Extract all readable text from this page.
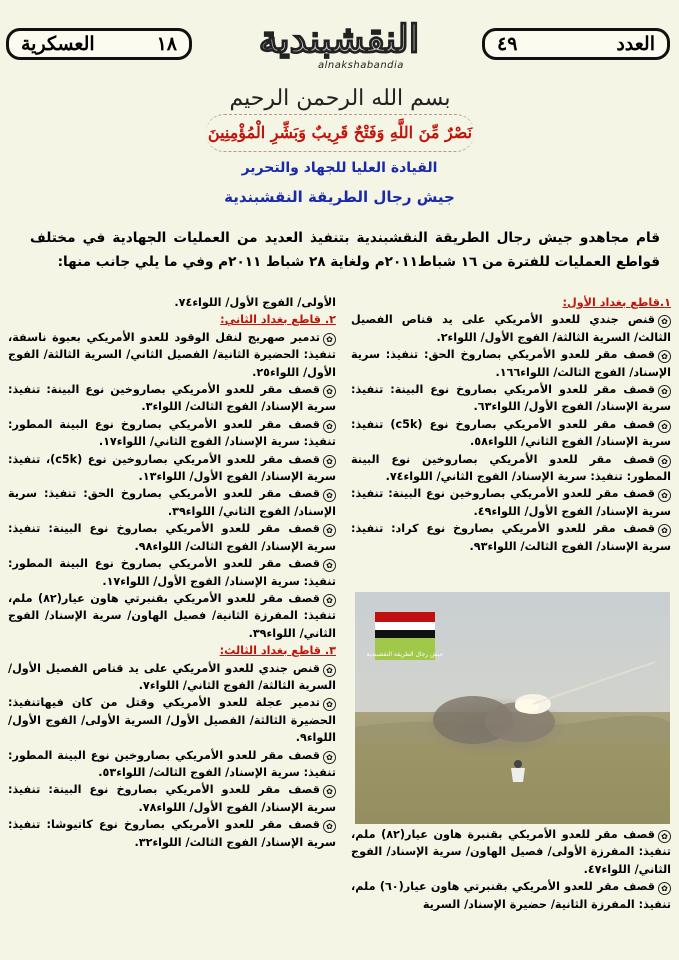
العسكرية	١٨	النقشبندية
alnakshabandia
٤٩	العدد
بسم الله الرحمن الرحيم
نَصْرٌ مِّنَ اللَّهِ وَفَتْحٌ قَرِيبٌ وَبَشِّرِ الْمُؤْمِنِينَ
القيادة العليا للجهاد والتحرير
جيش رجال الطريقة النقشبندية
قام مجاهدو جيش رجال الطريقة النقشبندية بتنفيذ العديد من العمليات الجهادية في مختلف قواطع العمليات للفترة من ١٦ شباط٢٠١١م ولغاية ٢٨ شباط ٢٠١١م وفي ما يلي جانب منها:
١.قاطع بغداد الأول:
✿قنص جندي للعدو الأمريكي على يد قناص الفصيل الثالث/ السرية الثالثة/ الفوج الأول/ اللواء٢.
✿قصف مقر للعدو الأمريكي بصاروخ الحق: تنفيذ: سرية الإسناد/ الفوج الثالث/ اللواء١٦٦.
✿قصف مقر للعدو الأمريكي بصاروخ نوع البينة: تنفيذ: سرية الإسناد/ الفوج الأول/ اللواء٦٣.
✿قصف مقر للعدو الأمريكي بصاروخ نوع (c5k) تنفيذ: سرية الإسناد/ الفوج الثاني/ اللواء٥٨.
✿قصف مقر للعدو الأمريكي بصاروخين نوع البينة المطور: تنفيذ: سرية الإسناد/ الفوج الثاني/ اللواء٧٤.
✿قصف مقر للعدو الأمريكي بصاروخين نوع البينة: تنفيذ: سرية الإسناد/ الفوج الأول/ اللواء٤٩.
✿قصف مقر للعدو الأمريكي بصاروخ نوع كراد: تنفيذ: سرية الإسناد/ الفوج الثالث/ اللواء٩٣.
جيش رجال الطريقة النقشبندية
✿قصف مقر للعدو الأمريكي بقنبرة هاون عيار(٨٢) ملم، تنفيذ: المفرزة الأولى/ فصيل الهاون/ سرية الإسناد/ الفوج الثاني/ اللواء٤٧.
✿قصف مقر للعدو الأمريكي بقنبرتي هاون عيار(٦٠) ملم، تنفيذ: المفرزة الثانية/ حضيرة الإسناد/ السرية
الأولى/ الفوج الأول/ اللواء٧٤.
٢. قاطع بغداد الثاني:
✿تدمير صهريج لنقل الوقود للعدو الأمريكي بعبوة ناسفة، تنفيذ: الحضيرة الثانية/ الفصيل الثاني/ السرية الثالثة/ الفوج الأول/ اللواء٢٥.
✿قصف مقر للعدو الأمريكي بصاروخين نوع البينة: تنفيذ: سرية الإسناد/ الفوج الثالث/ اللواء٣.
✿قصف مقر للعدو الأمريكي بصاروخ نوع البينة المطور: تنفيذ: سرية الإسناد/ الفوج الثاني/ اللواء١٧.
✿قصف مقر للعدو الأمريكي بصاروخين نوع (c5k)، تنفيذ: سرية الإسناد/ الفوج الأول/ اللواء١٣.
✿قصف مقر للعدو الأمريكي بصاروخ الحق: تنفيذ: سرية الإسناد/ الفوج الثاني/ اللواء٣٩.
✿قصف مقر للعدو الأمريكي بصاروخ نوع البينة: تنفيذ: سرية الإسناد/ الفوج الثالث/ اللواء٩٨.
✿قصف مقر للعدو الأمريكي بصاروخ نوع البينة المطور: تنفيذ: سرية الإسناد/ الفوج الأول/ اللواء١٧.
✿قصف مقر للعدو الأمريكي بقنبرتي هاون عيار(٨٢) ملم، تنفيذ: المفرزة الثانية/ فصيل الهاون/ سرية الإسناد/ الفوج الثاني/ اللواء٣٩.
٣. قاطع بغداد الثالث:
✿قنص جندي للعدو الأمريكي على يد قناص الفصيل الأول/ السرية الثالثة/ الفوج الثاني/ اللواء٧.
✿تدمير عجلة للعدو الأمريكي وقتل من كان فيهاتنفيذ: الحضيرة الثالثة/ الفصيل الأول/ السرية الأولى/ الفوج الأول/ اللواء٩.
✿قصف مقر للعدو الأمريكي بصاروخين نوع البينة المطور: تنفيذ: سرية الإسناد/ الفوج الثالث/ اللواء٥٣.
✿قصف مقر للعدو الأمريكي بصاروخ نوع البينة: تنفيذ: سرية الإسناد/ الفوج الأول/ اللواء٧٨.
✿قصف مقر للعدو الأمريكي بصاروخ نوع كاتيوشا: تنفيذ: سرية الإسناد/ الفوج الثالث/ اللواء٣٢.
